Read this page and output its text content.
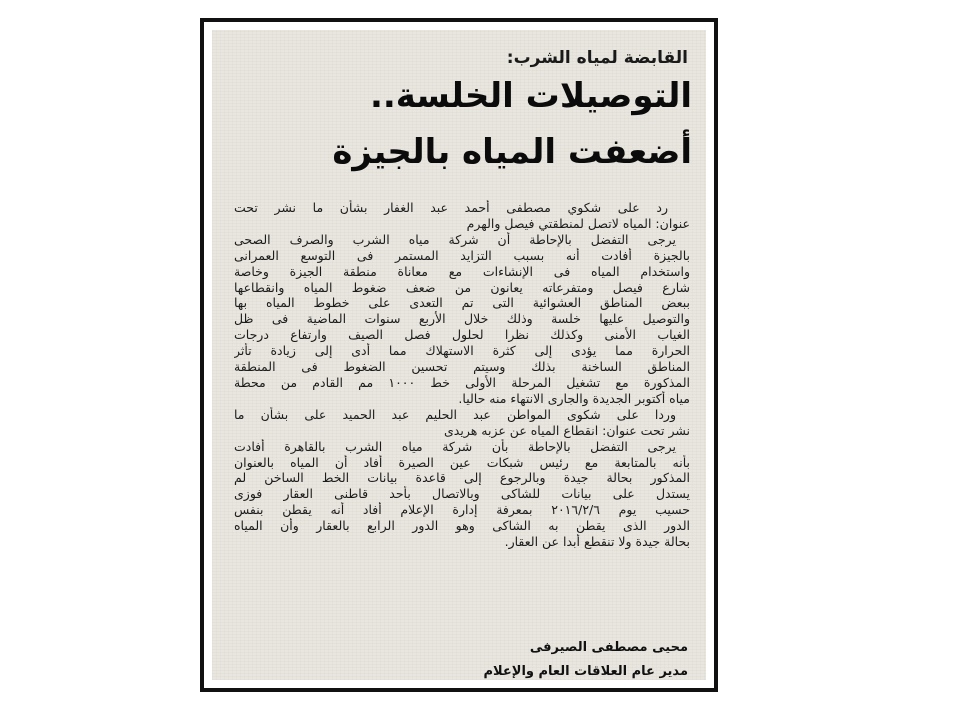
القابضة لمياه الشرب:
التوصيلات الخلسة..
أضعفت المياه بالجيزة
رد على شكوي مصطفى أحمد عبد الغفار بشأن ما نشر تحت
عنوان: المياه لاتصل لمنطقتي فيصل والهرم
يرجى التفضل بالإحاطة أن شركة مياه الشرب والصرف الصحى
بالجيزة أفادت أنه بسبب التزايد المستمر فى التوسع العمرانى
واستخدام المياه فى الإنشاءات مع معاناة منطقة الجيزة وخاصة
شارع فيصل ومتفرعاته يعانون من ضعف ضغوط المياه وانقطاعها
ببعض المناطق العشوائية التى تم التعدى على خطوط المياه بها
والتوصيل عليها خلسة وذلك خلال الأربع سنوات الماضية فى ظل
الغياب الأمنى وكذلك نظرا لحلول فصل الصيف وارتفاع درجات
الحرارة مما يؤدى إلى كثرة الاستهلاك مما أدى إلى زيادة تأثر
المناطق الساخنة بذلك وسيتم تحسين الضغوط فى المنطقة
المذكورة مع تشغيل المرحلة الأولى خط ١٠٠٠ مم القادم من محطة
مياه أكتوبر الجديدة والجارى الانتهاء منه حاليا.
وردا على شكوى المواطن عبد الحليم عبد الحميد على بشأن ما
نشر تحت عنوان: انقطاع المياه عن عزبه هريدى
يرجى التفضل بالإحاطة بأن شركة مياه الشرب بالقاهرة أفادت
بأنه بالمتابعة مع رئيس شبكات عين الصيرة أفاد أن المياه بالعنوان
المذكور بحالة جيدة وبالرجوع إلى قاعدة بيانات الخط الساخن لم
يستدل على بيانات للشاكى وبالاتصال بأحد قاطنى العقار فوزى
حسيب يوم ٢٠١٦/٢/٦ بمعرفة إدارة الإعلام أفاد أنه يقطن بنفس
الدور الذى يقطن به الشاكى وهو الدور الرابع بالعقار وأن المياه
بحالة جيدة ولا تنقطع أبدا عن العقار.
محيى مصطفى الصيرفى
مدير عام العلاقات العام والإعلام
